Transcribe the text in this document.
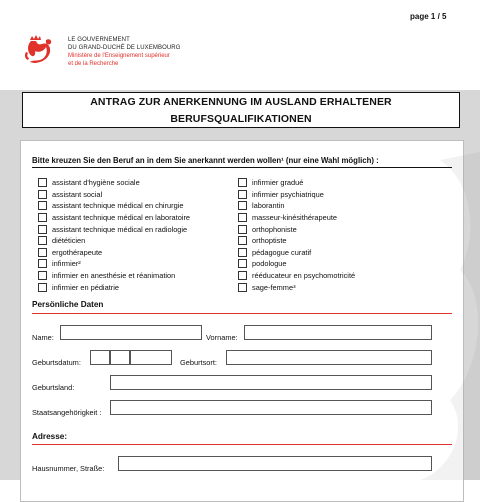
page 1 / 5
LE GOUVERNEMENT
DU GRAND-DUCHÉ DE LUXEMBOURG
Ministère de l'Enseignement supérieur
et de la Recherche
ANTRAG ZUR ANERKENNUNG IM AUSLAND ERHALTENER
BERUFSQUALIFIKATIONEN
Bitte kreuzen Sie den Beruf an in dem Sie anerkannt werden wollen¹ (nur eine Wahl möglich) :
assistant d'hygiène sociale
assistant social
assistant technique médical en chirurgie
assistant technique médical en laboratoire
assistant technique médical en radiologie
diététicien
ergothérapeute
infirmier²
infirmier en anesthésie et réanimation
infirmier en pédiatrie
infirmier gradué
infirmier psychiatrique
laborantin
masseur-kinésithérapeute
orthophoniste
orthoptiste
pédagogue curatif
podologue
rééducateur en psychomotricité
sage-femme³
Persönliche Daten
Name:	Vorname:
Geburtsdatum:	Geburtsort:
Geburtsland:
Staatsangehörigkeit :
Adresse:
Hausnummer, Straße:
